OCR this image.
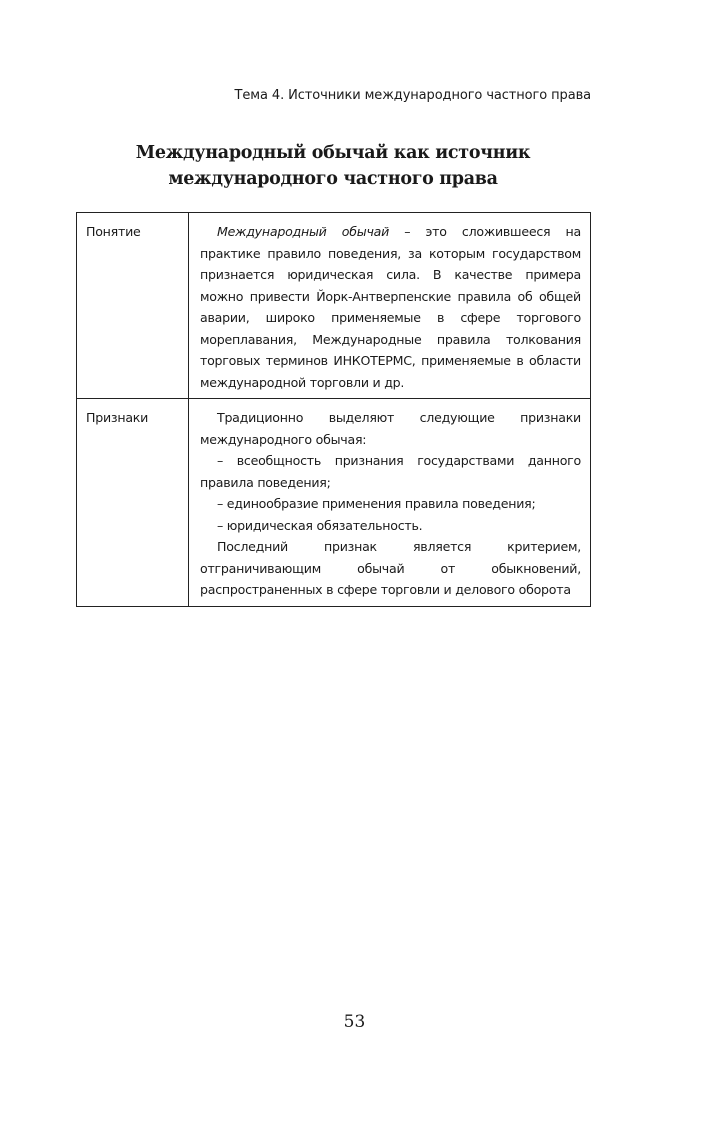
Тема 4. Источники международного частного права
Международный обычай как источник
международного частного права
Понятие	Международный обычай – это сложившееся на практике правило поведения, за которым государством признается юридическая сила. В качестве примера можно привести Йорк-Антверпенские правила об общей аварии, широко применяемые в сфере торгового мореплавания, Международные правила толкования торговых терминов ИНКОТЕРМС, применяемые в области международной торговли и др.

Признаки	Традиционно выделяют следующие признаки международного обычая:

– всеобщность признания государствами данного правила поведения;

– единообразие применения правила поведения;

– юридическая обязательность.

Последний признак является критерием, отграничивающим обычай от обыкновений, распространенных в сфере торговли и делового оборота

53
